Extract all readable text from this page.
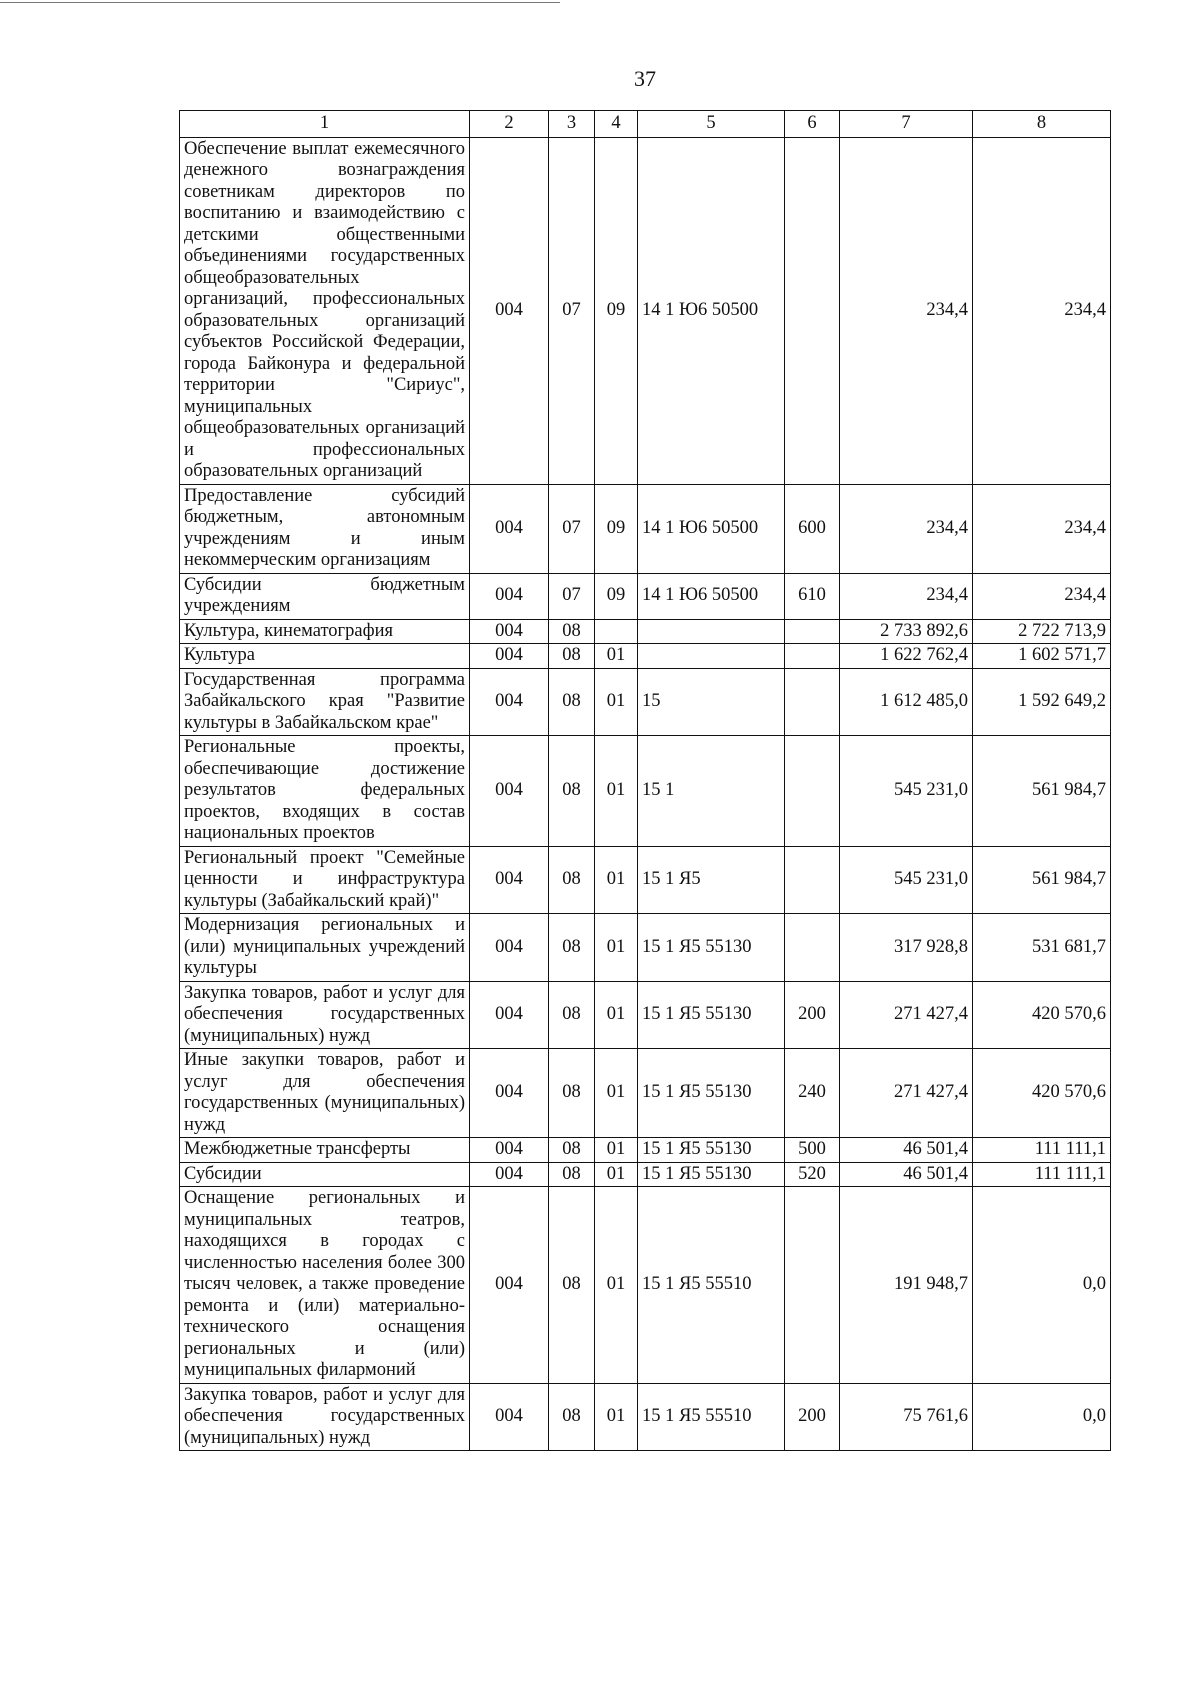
37
1	2	3	4	5	6	7	8
Обеспечение выплат ежемесячного денежного вознаграждения советникам директоров по воспитанию и взаимодействию с детскими общественными объединениями государственных общеобразовательных организаций, профессиональных образовательных организаций субъектов Российской Федерации, города Байконура и федеральной территории "Сириус", муниципальных общеобразовательных организаций и профессиональных образовательных организаций	004	07	09	14 1 Ю6 50500		234,4	234,4
Предоставление субсидий бюджетным, автономным учреждениям и иным некоммерческим организациям	004	07	09	14 1 Ю6 50500	600	234,4	234,4
Субсидии бюджетным учреждениям	004	07	09	14 1 Ю6 50500	610	234,4	234,4
Культура, кинематография	004	08				2 733 892,6	2 722 713,9
Культура	004	08	01			1 622 762,4	1 602 571,7
Государственная программа Забайкальского края "Развитие культуры в Забайкальском крае"	004	08	01	15		1 612 485,0	1 592 649,2
Региональные проекты, обеспечивающие достижение результатов федеральных проектов, входящих в состав национальных проектов	004	08	01	15 1		545 231,0	561 984,7
Региональный проект "Семейные ценности и инфраструктура культуры (Забайкальский край)"	004	08	01	15 1 Я5		545 231,0	561 984,7
Модернизация региональных и (или) муниципальных учреждений культуры	004	08	01	15 1 Я5 55130		317 928,8	531 681,7
Закупка товаров, работ и услуг для обеспечения государственных (муниципальных) нужд	004	08	01	15 1 Я5 55130	200	271 427,4	420 570,6
Иные закупки товаров, работ и услуг для обеспечения государственных (муниципальных) нужд	004	08	01	15 1 Я5 55130	240	271 427,4	420 570,6
Межбюджетные трансферты	004	08	01	15 1 Я5 55130	500	46 501,4	111 111,1
Субсидии	004	08	01	15 1 Я5 55130	520	46 501,4	111 111,1
Оснащение региональных и муниципальных театров, находящихся в городах с численностью населения более 300 тысяч человек, а также проведение ремонта и (или) материально-технического оснащения региональных и (или) муниципальных филармоний	004	08	01	15 1 Я5 55510		191 948,7	0,0
Закупка товаров, работ и услуг для обеспечения государственных (муниципальных) нужд	004	08	01	15 1 Я5 55510	200	75 761,6	0,0
